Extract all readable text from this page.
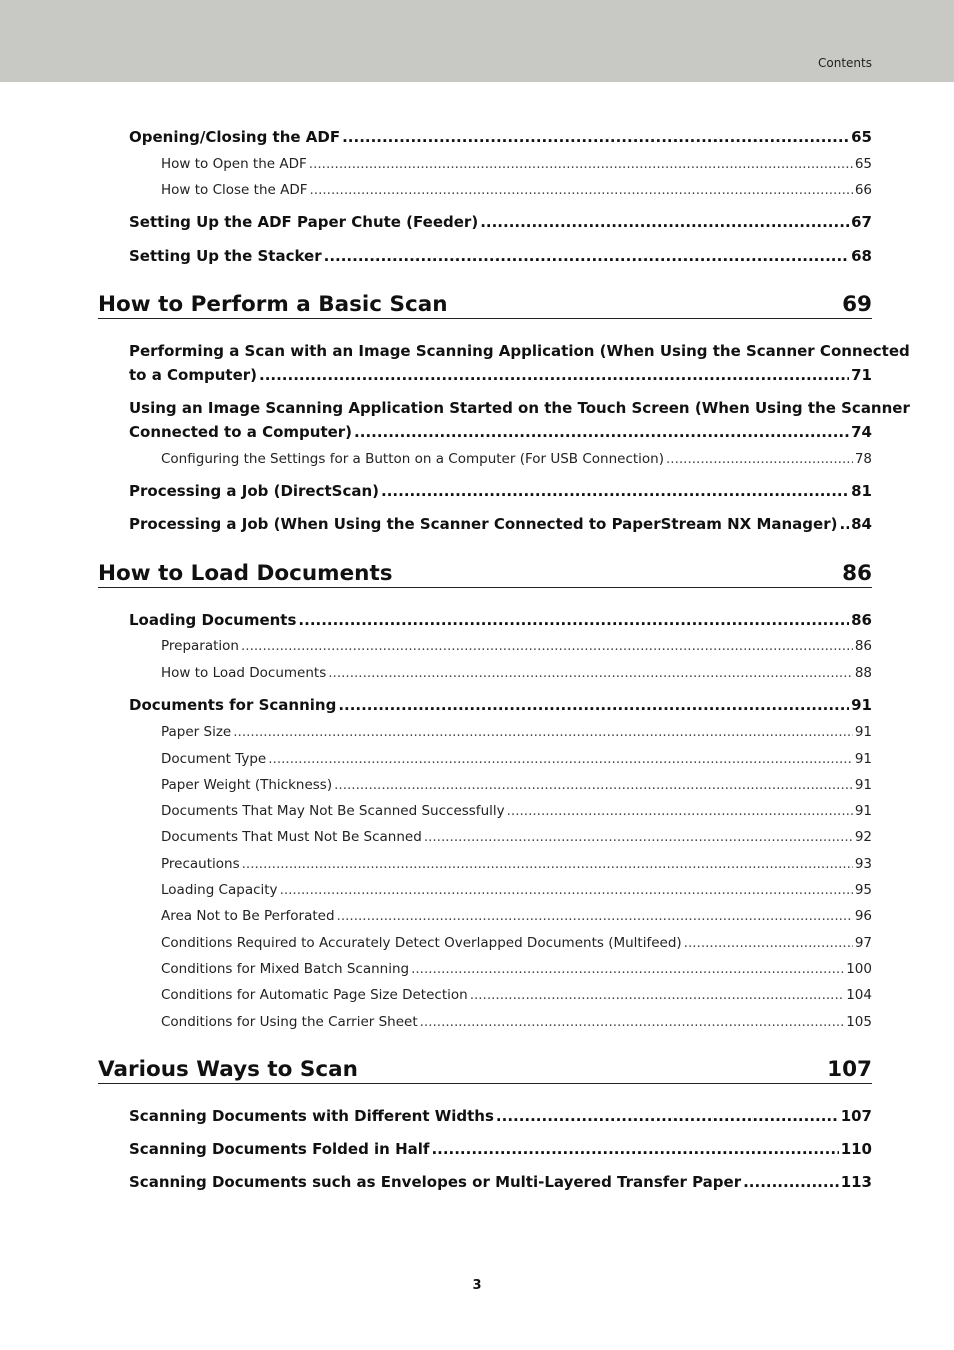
Contents
Opening/Closing the ADF .....	65
How to Open the ADF .....	65
How to Close the ADF .....	66
Setting Up the ADF Paper Chute (Feeder) .....	67
Setting Up the Stacker .....	68
How to Perform a Basic Scan	69
Performing a Scan with an Image Scanning Application (When Using the Scanner Connected
to a Computer) .....	71
Using an Image Scanning Application Started on the Touch Screen (When Using the Scanner
Connected to a Computer) .....	74
Configuring the Settings for a Button on a Computer (For USB Connection) .....	78
Processing a Job (DirectScan) .....	81
Processing a Job (When Using the Scanner Connected to PaperStream NX Manager) ..... 84
How to Load Documents	86
Loading Documents .....	86
Preparation .....	86
How to Load Documents .....	88
Documents for Scanning .....	91
Paper Size .....	91
Document Type .....	91
Paper Weight (Thickness) .....	91
Documents That May Not Be Scanned Successfully .....	91
Documents That Must Not Be Scanned .....	92
Precautions .....	93
Loading Capacity .....	95
Area Not to Be Perforated .....	96
Conditions Required to Accurately Detect Overlapped Documents (Multifeed) .....	97
Conditions for Mixed Batch Scanning .....	100
Conditions for Automatic Page Size Detection .....	104
Conditions for Using the Carrier Sheet .....	105
Various Ways to Scan	107
Scanning Documents with Different Widths .....	107
Scanning Documents Folded in Half .....	110
Scanning Documents such as Envelopes or Multi-Layered Transfer Paper .....	113
3
